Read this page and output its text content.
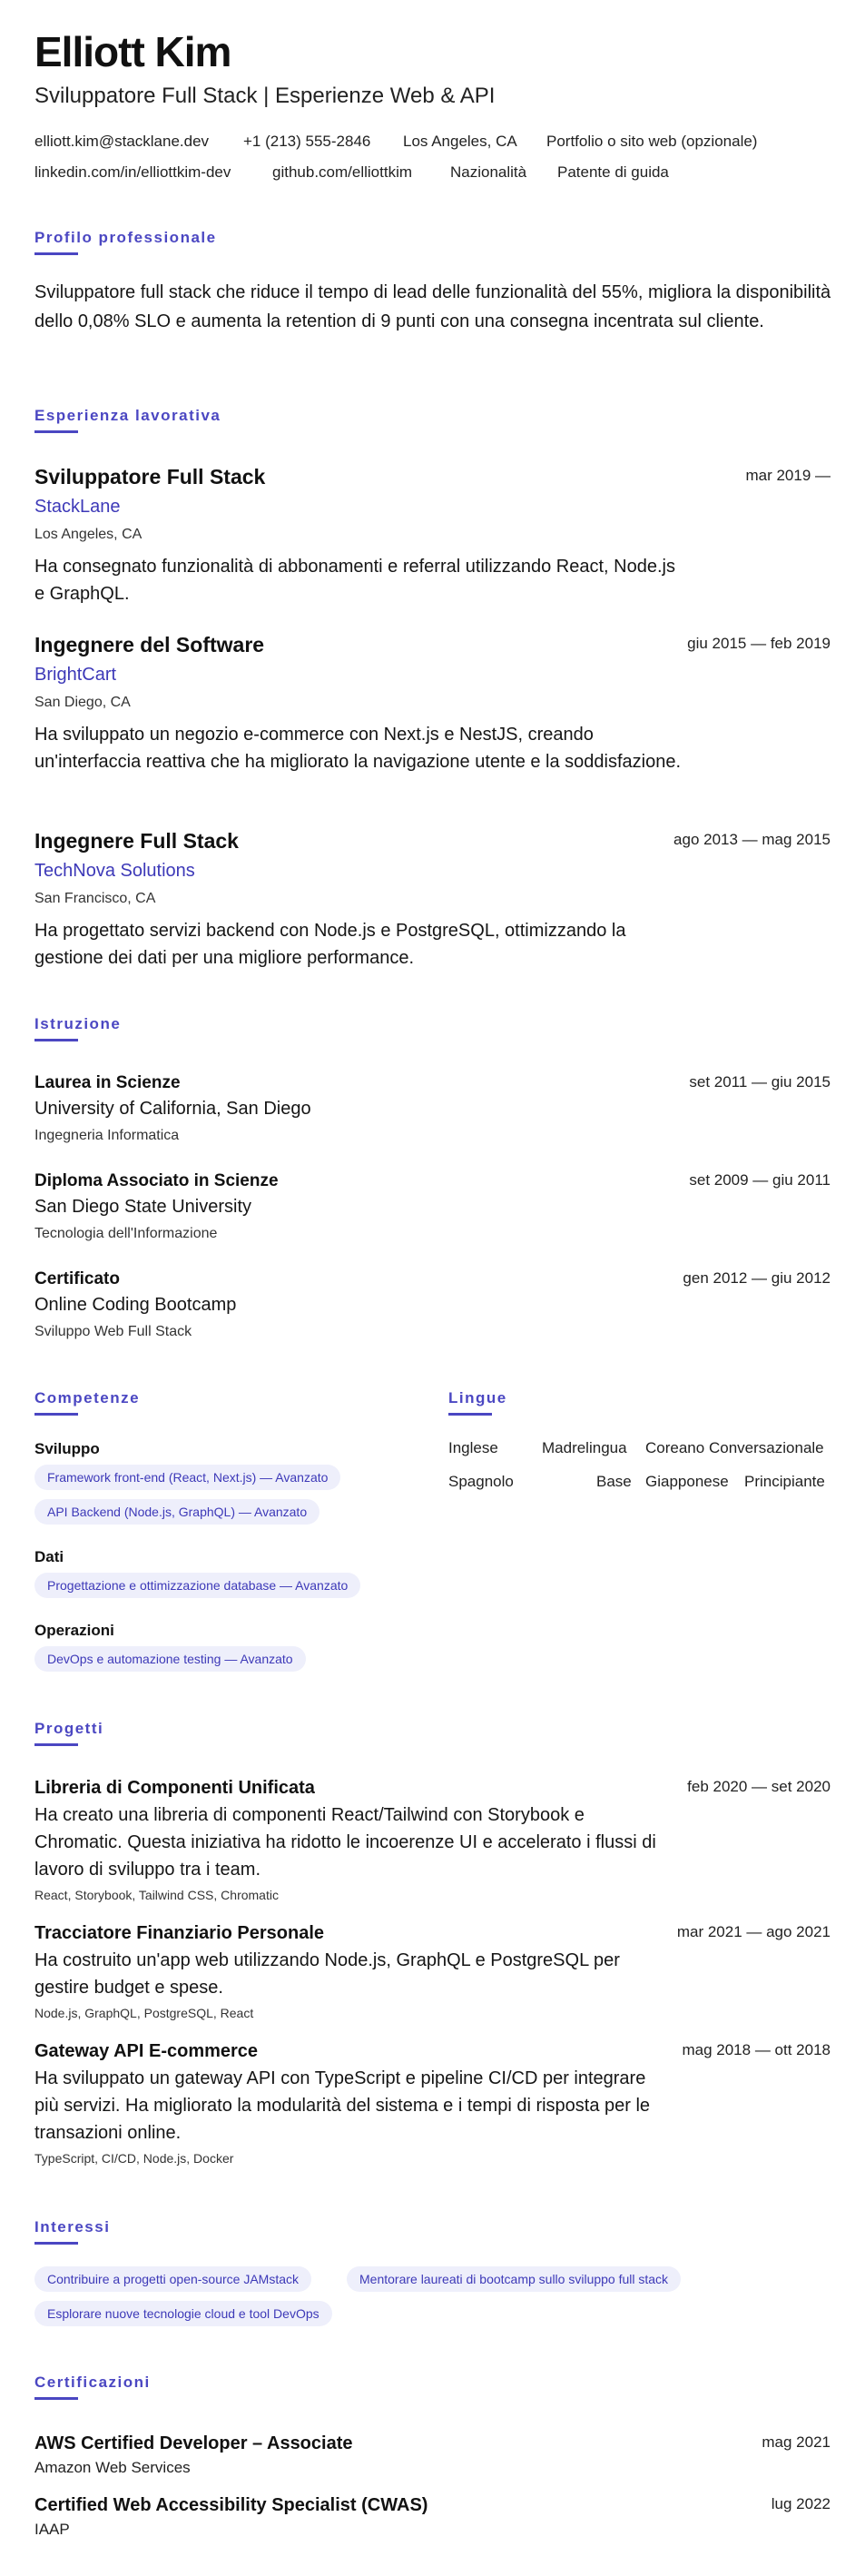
Elliott Kim
Sviluppatore Full Stack | Esperienze Web & API
elliott.kim@stacklane.dev +1 (213) 555-2846 Los Angeles, CA Portfolio o sito web (opzionale)
linkedin.com/in/elliottkim-dev	github.com/elliottkim Nazionalità Patente di guida
Profilo professionale
Sviluppatore full stack che riduce il tempo di lead delle funzionalità del 55%, migliora la disponibilità dello 0,08% SLO e aumenta la retention di 9 punti con una consegna incentrata sul cliente.
Esperienza lavorativa
Sviluppatore Full Stack	mar 2019 —
StackLane
Los Angeles, CA
Ha consegnato funzionalità di abbonamenti e referral utilizzando React, Node.js e GraphQL.
Ingegnere del Software	giu 2015 — feb 2019
BrightCart
San Diego, CA
Ha sviluppato un negozio e-commerce con Next.js e NestJS, creando un'interfaccia reattiva che ha migliorato la navigazione utente e la soddisfazione.
Ingegnere Full Stack	ago 2013 — mag 2015
TechNova Solutions
San Francisco, CA
Ha progettato servizi backend con Node.js e PostgreSQL, ottimizzando la gestione dei dati per una migliore performance.
Istruzione
Laurea in Scienze	set 2011 — giu 2015
University of California, San Diego
Ingegneria Informatica
Diploma Associato in Scienze	set 2009 — giu 2011
San Diego State University
Tecnologia dell'Informazione
Certificato	gen 2012 — giu 2012
Online Coding Bootcamp
Sviluppo Web Full Stack
Competenze
Sviluppo
Framework front-end (React, Next.js) — Avanzato
API Backend (Node.js, GraphQL) — Avanzato
Dati
Progettazione e ottimizzazione database — Avanzato
Operazioni
DevOps e automazione testing — Avanzato
Lingue
Inglese	Madrelingua Coreano Conversazionale
Spagnolo	Base Giapponese Principiante
Progetti
Libreria di Componenti Unificata	feb 2020 — set 2020
Ha creato una libreria di componenti React/Tailwind con Storybook e Chromatic. Questa iniziativa ha ridotto le incoerenze UI e accelerato i flussi di lavoro di sviluppo tra i team.
React, Storybook, Tailwind CSS, Chromatic
Tracciatore Finanziario Personale	mar 2021 — ago 2021
Ha costruito un'app web utilizzando Node.js, GraphQL e PostgreSQL per gestire budget e spese.
Node.js, GraphQL, PostgreSQL, React
Gateway API E-commerce	mag 2018 — ott 2018
Ha sviluppato un gateway API con TypeScript e pipeline CI/CD per integrare più servizi. Ha migliorato la modularità del sistema e i tempi di risposta per le transazioni online.
TypeScript, CI/CD, Node.js, Docker
Interessi
Contribuire a progetti open-source JAMstack	Mentorare laureati di bootcamp sullo sviluppo full stack
Esplorare nuove tecnologie cloud e tool DevOps
Certificazioni
AWS Certified Developer – Associate	mag 2021
Amazon Web Services
Certified Web Accessibility Specialist (CWAS)	lug 2022
IAAP
